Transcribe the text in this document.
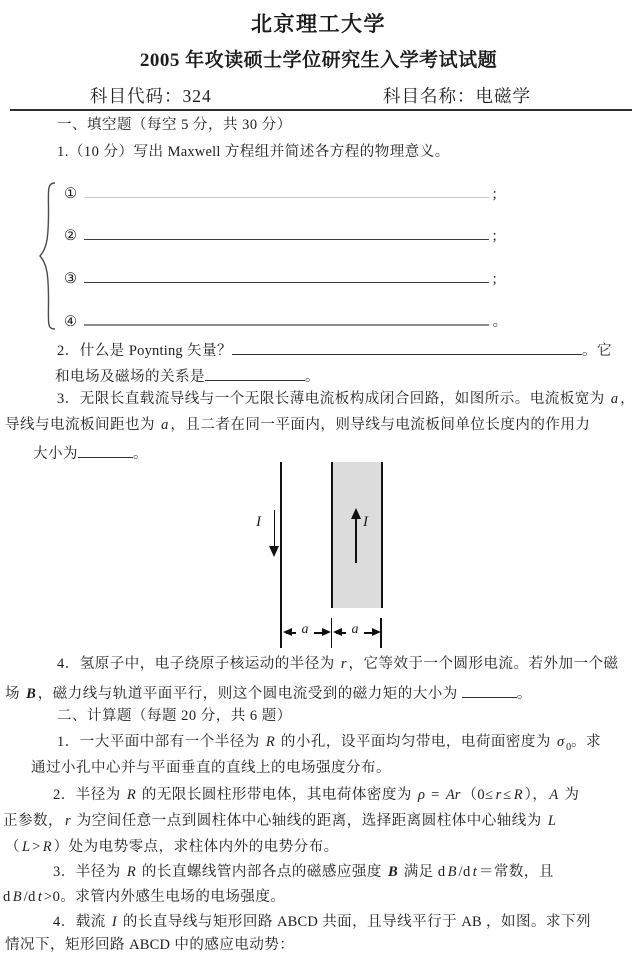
北京理工大学
2005 年攻读硕士学位研究生入学考试试题
科目代码：324	科目名称：电磁学
一、填空题（每空 5 分，共 30 分）
1.（10 分）写出 Maxwell 方程组并简述各方程的物理意义。
①	;
②	;
③	;
④	。
2．什么是 Poynting 矢量？	。它
和电场及磁场的关系是	。
3．无限长直载流导线与一个无限长薄电流板构成闭合回路，如图所示。电流板宽为 a ，
导线与电流板间距也为 a ，且二者在同一平面内，则导线与电流板间单位长度内的作用力
大小为	。
4．氢原子中，电子绕原子核运动的半径为 r ，它等效于一个圆形电流。若外加一个磁
场 B ，磁力线与轨道平面平行，则这个圆电流受到的磁力矩的大小为	。
二、计算题（每题 20 分，共 6 题）
1．一大平面中部有一个半径为 R 的小孔，设平面均匀带电，电荷面密度为 σ $_0$。求
通过小孔中心并与平面垂直的直线上的电场强度分布。
2．半径为 R 的无限长圆柱形带电体，其电荷体密度为 ρ = Ar （0≤ r ≤ R ）， A 为
正参数， r 为空间任意一点到圆柱体中心轴线的距离，选择距离圆柱体中心轴线为 L
（ L > R ）处为电势零点，求柱体内外的电势分布。
3．半径为 R 的长直螺线管内部各点的磁感应强度 B 满足 d B /d t ＝常数，且
d B /d t >0。求管内外感生电场的电场强度。
4．载流 I 的长直导线与矩形回路 ABCD 共面，且导线平行于 AB ，如图。求下列
情况下，矩形回路 ABCD 中的感应电动势：
I	I
a	a
